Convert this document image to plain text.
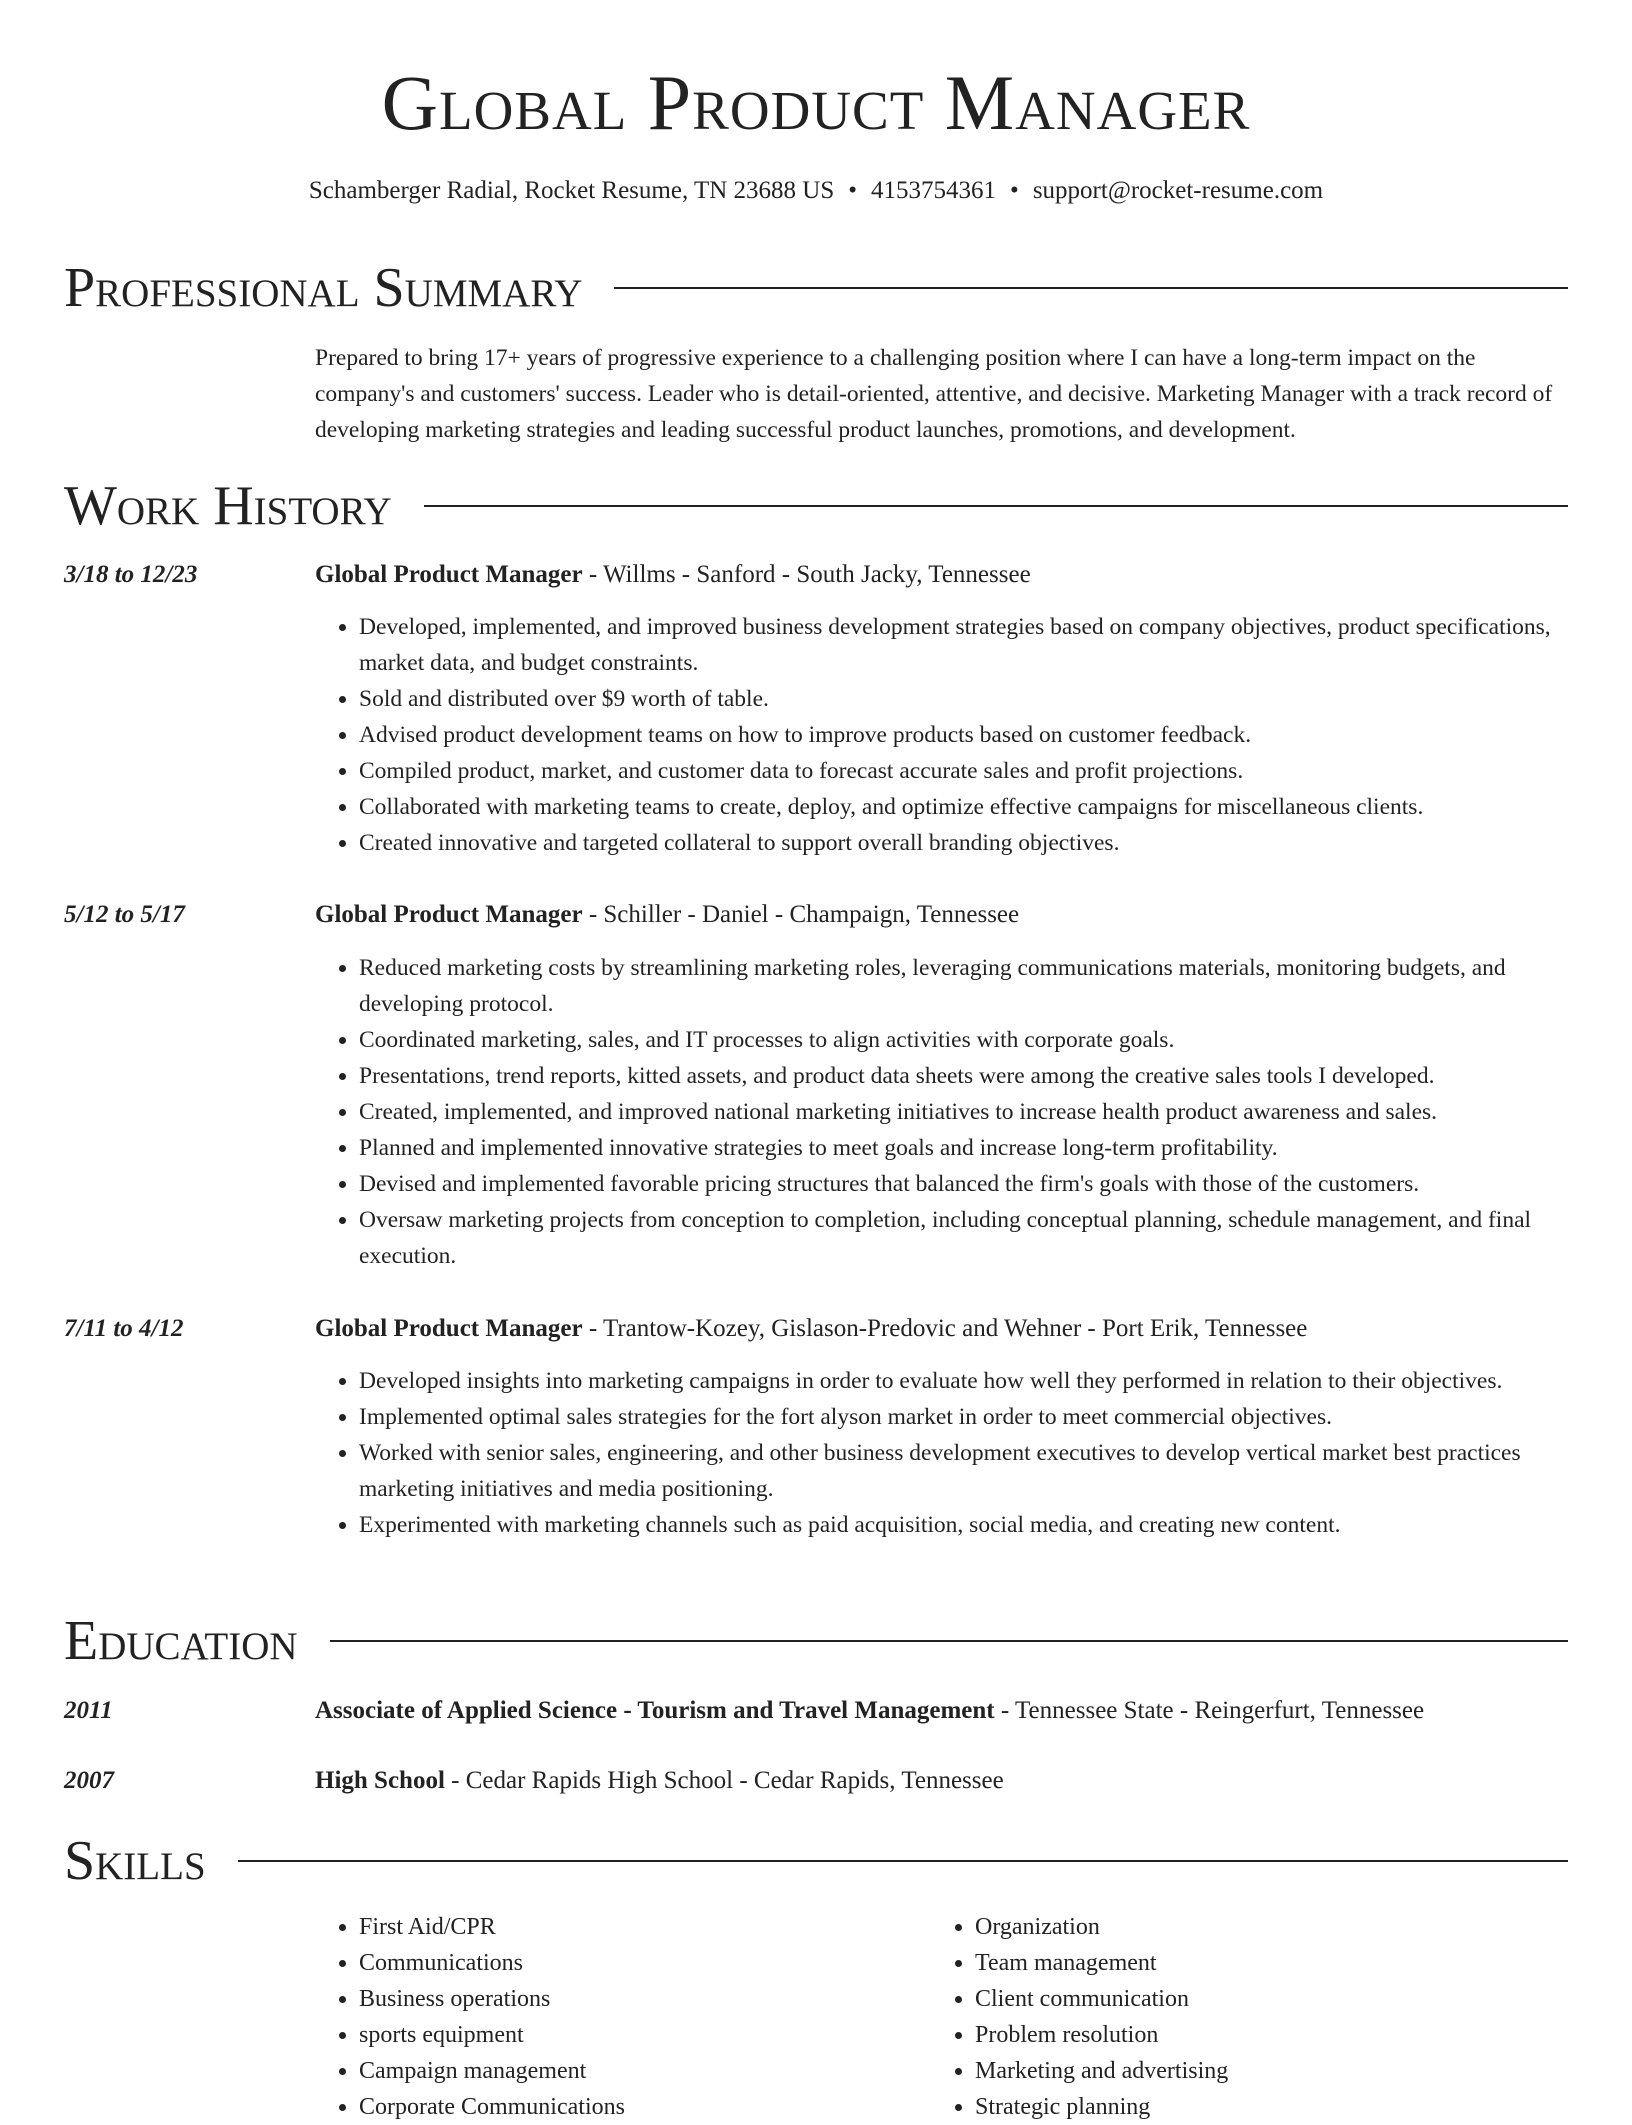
Global Product Manager
Schamberger Radial, Rocket Resume, TN 23688 US • 4153754361 • support@rocket-resume.com
Professional Summary

Prepared to bring 17+ years of progressive experience to a challenging position where I can have a long-term impact on the company's and customers' success. Leader who is detail-oriented, attentive, and decisive. Marketing Manager with a track record of developing marketing strategies and leading successful product launches, promotions, and development.

Work History
3/18 to 12/23	Global Product Manager - Willms - Sanford - South Jacky, Tennessee
• Developed, implemented, and improved business development strategies based on company objectives, product specifications, market data, and budget constraints.
• Sold and distributed over $9 worth of table.
• Advised product development teams on how to improve products based on customer feedback.
• Compiled product, market, and customer data to forecast accurate sales and profit projections.
• Collaborated with marketing teams to create, deploy, and optimize effective campaigns for miscellaneous clients.
• Created innovative and targeted collateral to support overall branding objectives.
5/12 to 5/17	Global Product Manager - Schiller - Daniel - Champaign, Tennessee
• Reduced marketing costs by streamlining marketing roles, leveraging communications materials, monitoring budgets, and developing protocol.
• Coordinated marketing, sales, and IT processes to align activities with corporate goals.
• Presentations, trend reports, kitted assets, and product data sheets were among the creative sales tools I developed.
• Created, implemented, and improved national marketing initiatives to increase health product awareness and sales.
• Planned and implemented innovative strategies to meet goals and increase long-term profitability.
• Devised and implemented favorable pricing structures that balanced the firm's goals with those of the customers.
• Oversaw marketing projects from conception to completion, including conceptual planning, schedule management, and final execution.
7/11 to 4/12	Global Product Manager - Trantow-Kozey, Gislason-Predovic and Wehner - Port Erik, Tennessee
• Developed insights into marketing campaigns in order to evaluate how well they performed in relation to their objectives.
• Implemented optimal sales strategies for the fort alyson market in order to meet commercial objectives.
• Worked with senior sales, engineering, and other business development executives to develop vertical market best practices marketing initiatives and media positioning.
• Experimented with marketing channels such as paid acquisition, social media, and creating new content.
Education
2011	Associate of Applied Science - Tourism and Travel Management - Tennessee State - Reingerfurt, Tennessee
2007	High School - Cedar Rapids High School - Cedar Rapids, Tennessee
Skills
• First Aid/CPR
• Communications
• Business operations
• sports equipment
• Campaign management
• Corporate Communications
• Organization
• Team management
• Client communication
• Problem resolution
• Marketing and advertising
• Strategic planning
